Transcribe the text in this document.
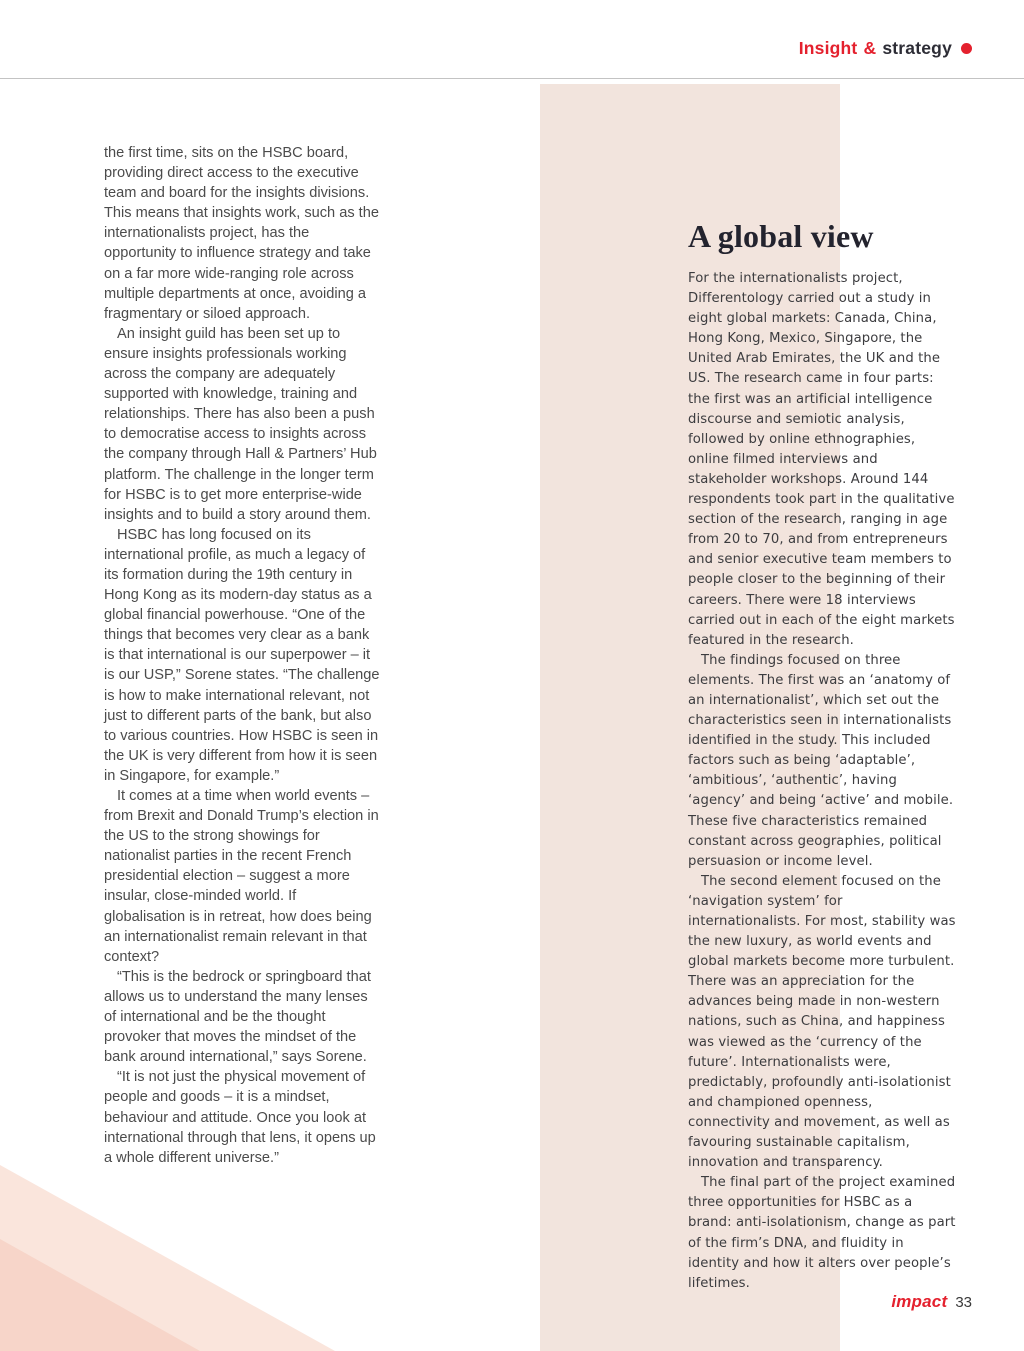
Insight & strategy

the first time, sits on the HSBC board, providing direct access to the executive team and board for the insights divisions. This means that insights work, such as the internationalists project, has the opportunity to influence strategy and take on a far more wide-ranging role across multiple departments at once, avoiding a fragmentary or siloed approach.

An insight guild has been set up to ensure insights professionals working across the company are adequately supported with knowledge, training and relationships. There has also been a push to democratise access to insights across the company through Hall & Partners’ Hub platform. The challenge in the longer term for HSBC is to get more enterprise-wide insights and to build a story around them.

HSBC has long focused on its international profile, as much a legacy of its formation during the 19th century in Hong Kong as its modern-day status as a global financial powerhouse. “One of the things that becomes very clear as a bank is that international is our superpower – it is our USP,” Sorene states. “The challenge is how to make international relevant, not just to different parts of the bank, but also to various countries. How HSBC is seen in the UK is very different from how it is seen in Singapore, for example.”

It comes at a time when world events – from Brexit and Donald Trump’s election in the US to the strong showings for nationalist parties in the recent French presidential election – suggest a more insular, close-minded world. If globalisation is in retreat, how does being an internationalist remain relevant in that context?

“This is the bedrock or springboard that allows us to understand the many lenses of international and be the thought provoker that moves the mindset of the bank around international,” says Sorene.

“It is not just the physical movement of people and goods – it is a mindset, behaviour and attitude. Once you look at international through that lens, it opens up a whole different universe.”

A global view

For the internationalists project, Differentology carried out a study in eight global markets: Canada, China, Hong Kong, Mexico, Singapore, the United Arab Emirates, the UK and the US. The research came in four parts: the first was an artificial intelligence discourse and semiotic analysis, followed by online ethnographies, online filmed interviews and stakeholder workshops. Around 144 respondents took part in the qualitative section of the research, ranging in age from 20 to 70, and from entrepreneurs and senior executive team members to people closer to the beginning of their careers. There were 18 interviews carried out in each of the eight markets featured in the research.

The findings focused on three elements. The first was an ‘anatomy of an internationalist’, which set out the characteristics seen in internationalists identified in the study. This included factors such as being ‘adaptable’, ‘ambitious’, ‘authentic’, having ‘agency’ and being ‘active’ and mobile. These five characteristics remained constant across geographies, political persuasion or income level.

The second element focused on the ‘navigation system’ for internationalists. For most, stability was the new luxury, as world events and global markets become more turbulent. There was an appreciation for the advances being made in non-western nations, such as China, and happiness was viewed as the ‘currency of the future’. Internationalists were, predictably, profoundly anti-isolationist and championed openness, connectivity and movement, as well as favouring sustainable capitalism, innovation and transparency.

The final part of the project examined three opportunities for HSBC as a brand: anti-isolationism, change as part of the firm’s DNA, and fluidity in identity and how it alters over people’s lifetimes.

impact 33
